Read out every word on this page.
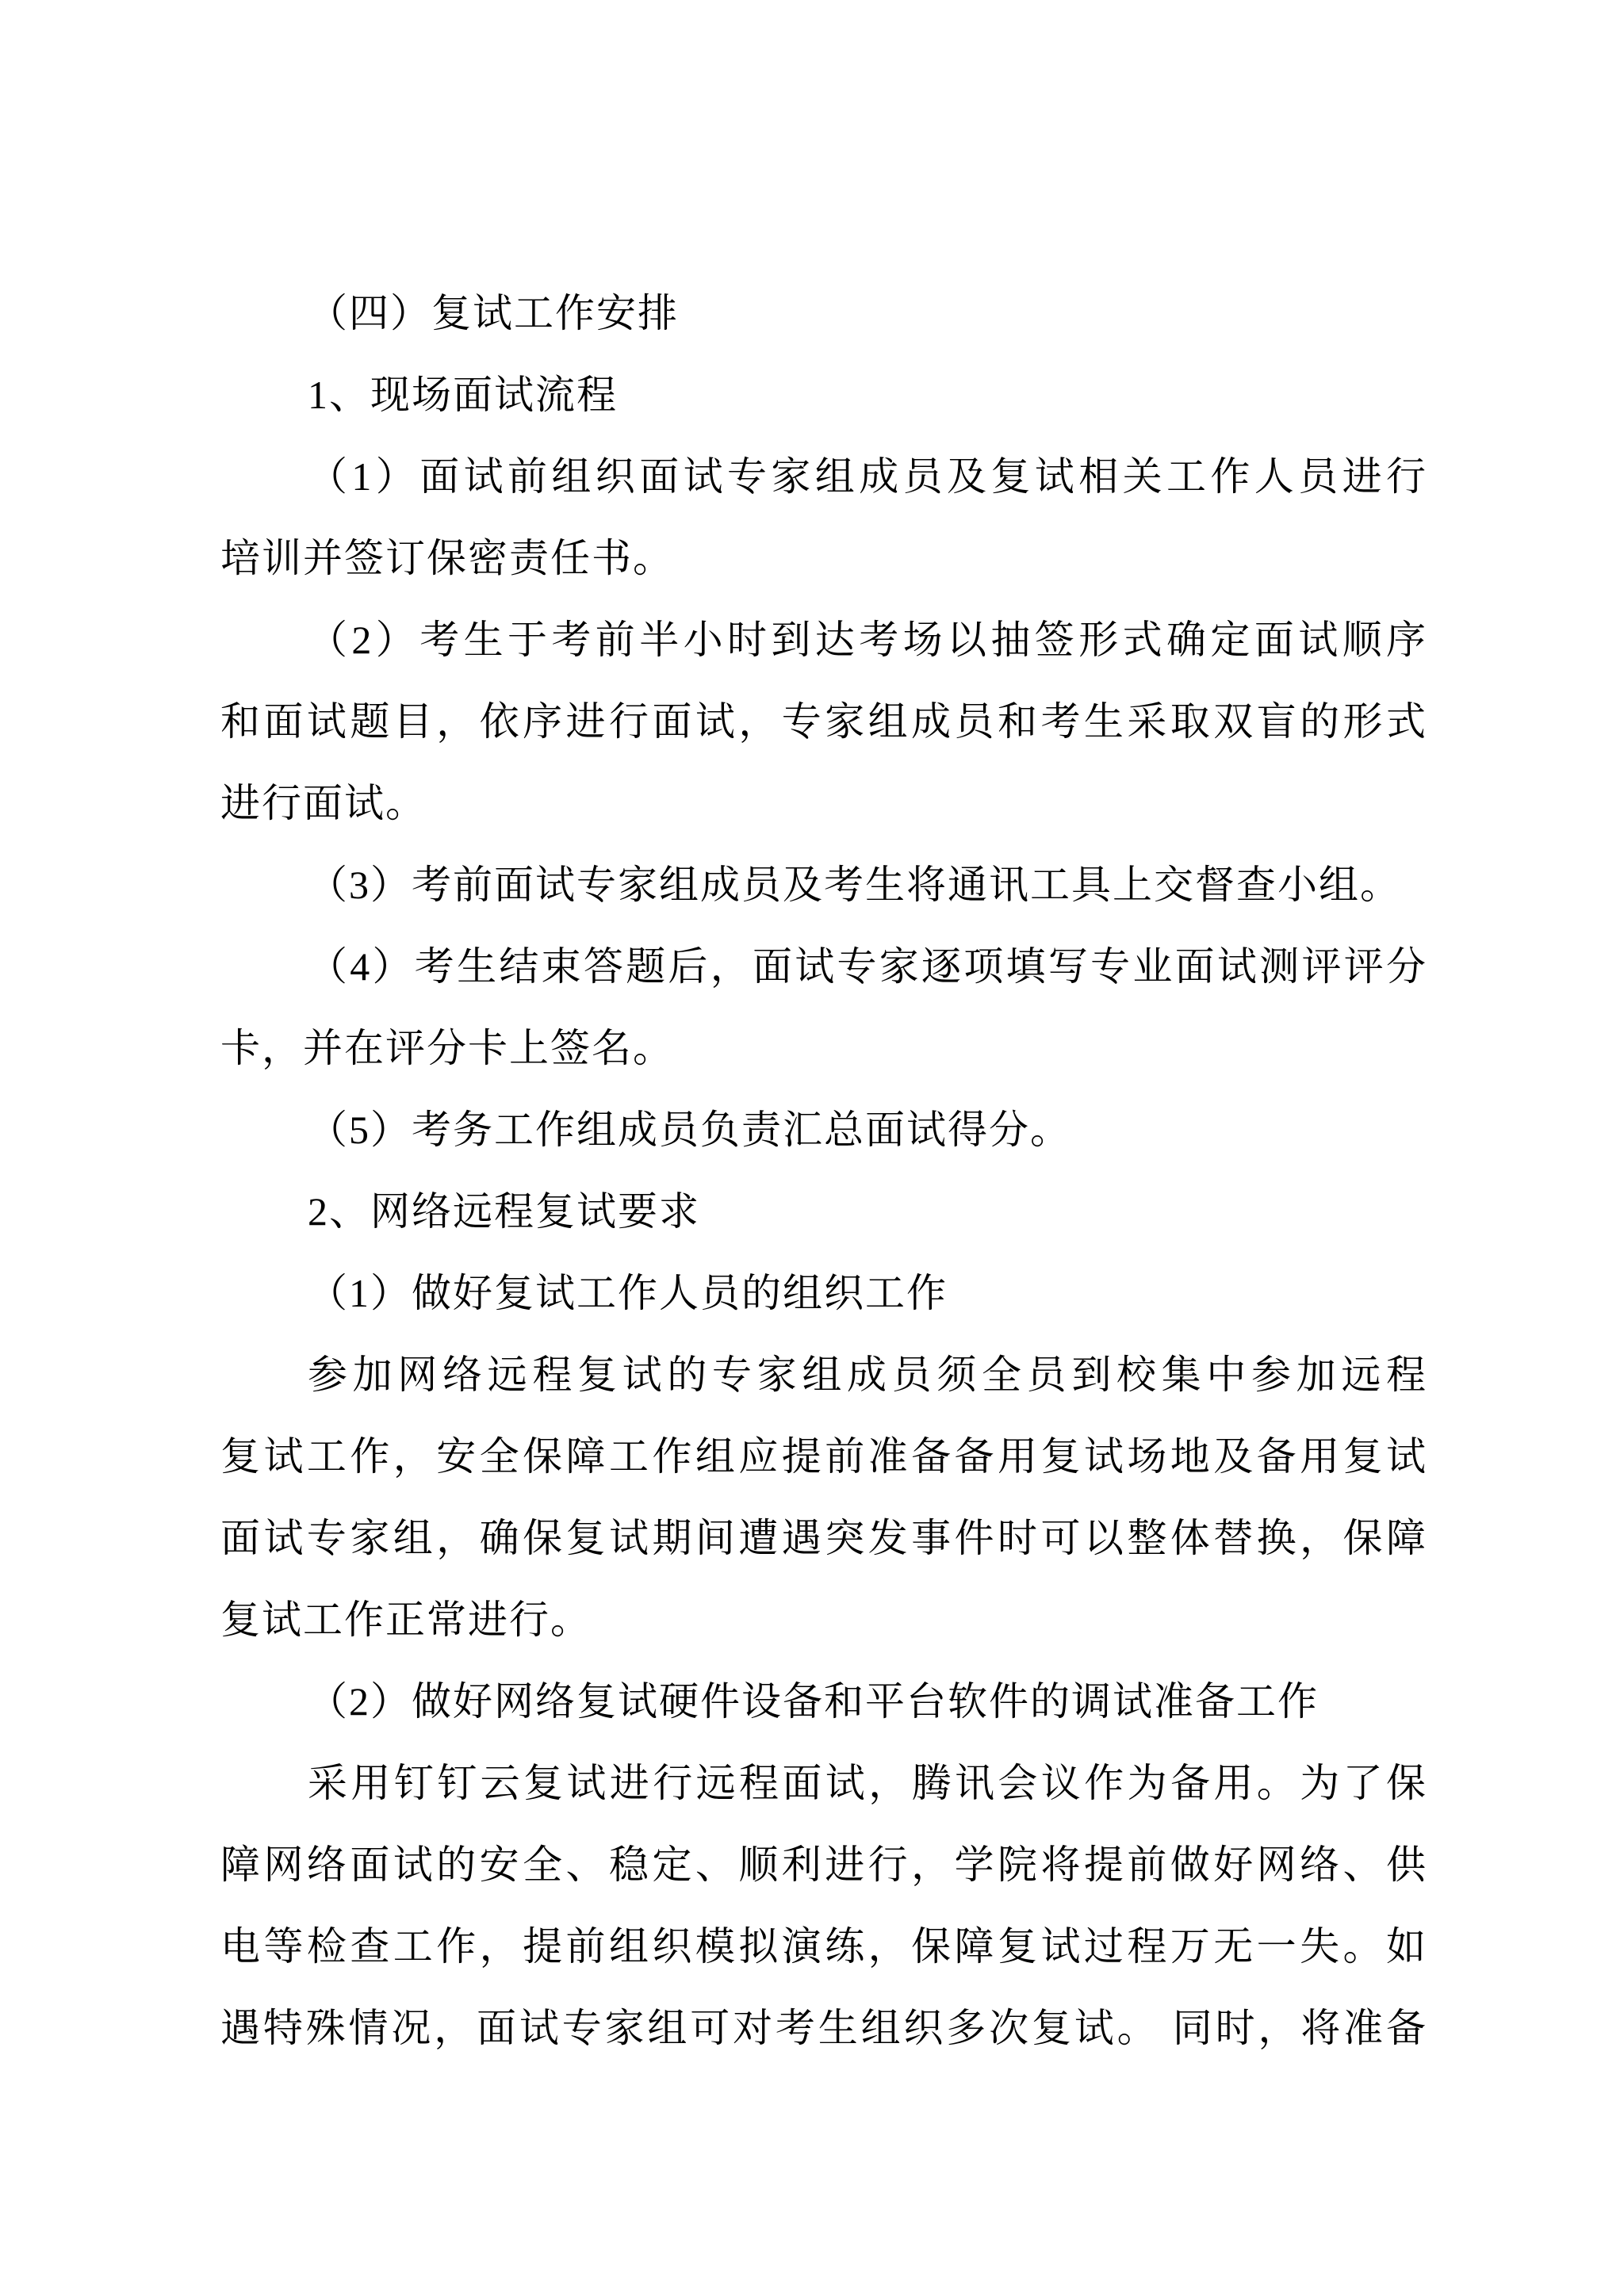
（四）复试工作安排
1、现场面试流程
（1）面试前组织面试专家组成员及复试相关工作人员进行
培训并签订保密责任书。
（2）考生于考前半小时到达考场以抽签形式确定面试顺序
和面试题目，依序进行面试，专家组成员和考生采取双盲的形式
进行面试。
（3）考前面试专家组成员及考生将通讯工具上交督查小组。
（4）考生结束答题后，面试专家逐项填写专业面试测评评分
卡，并在评分卡上签名。
（5）考务工作组成员负责汇总面试得分。
2、网络远程复试要求
（1）做好复试工作人员的组织工作
参加网络远程复试的专家组成员须全员到校集中参加远程
复试工作，安全保障工作组应提前准备备用复试场地及备用复试
面试专家组，确保复试期间遭遇突发事件时可以整体替换，保障
复试工作正常进行。
（2）做好网络复试硬件设备和平台软件的调试准备工作
采用钉钉云复试进行远程面试，腾讯会议作为备用。为了保
障网络面试的安全、稳定、顺利进行，学院将提前做好网络、供
电等检查工作，提前组织模拟演练，保障复试过程万无一失。如
遇特殊情况，面试专家组可对考生组织多次复试。 同时，将准备
